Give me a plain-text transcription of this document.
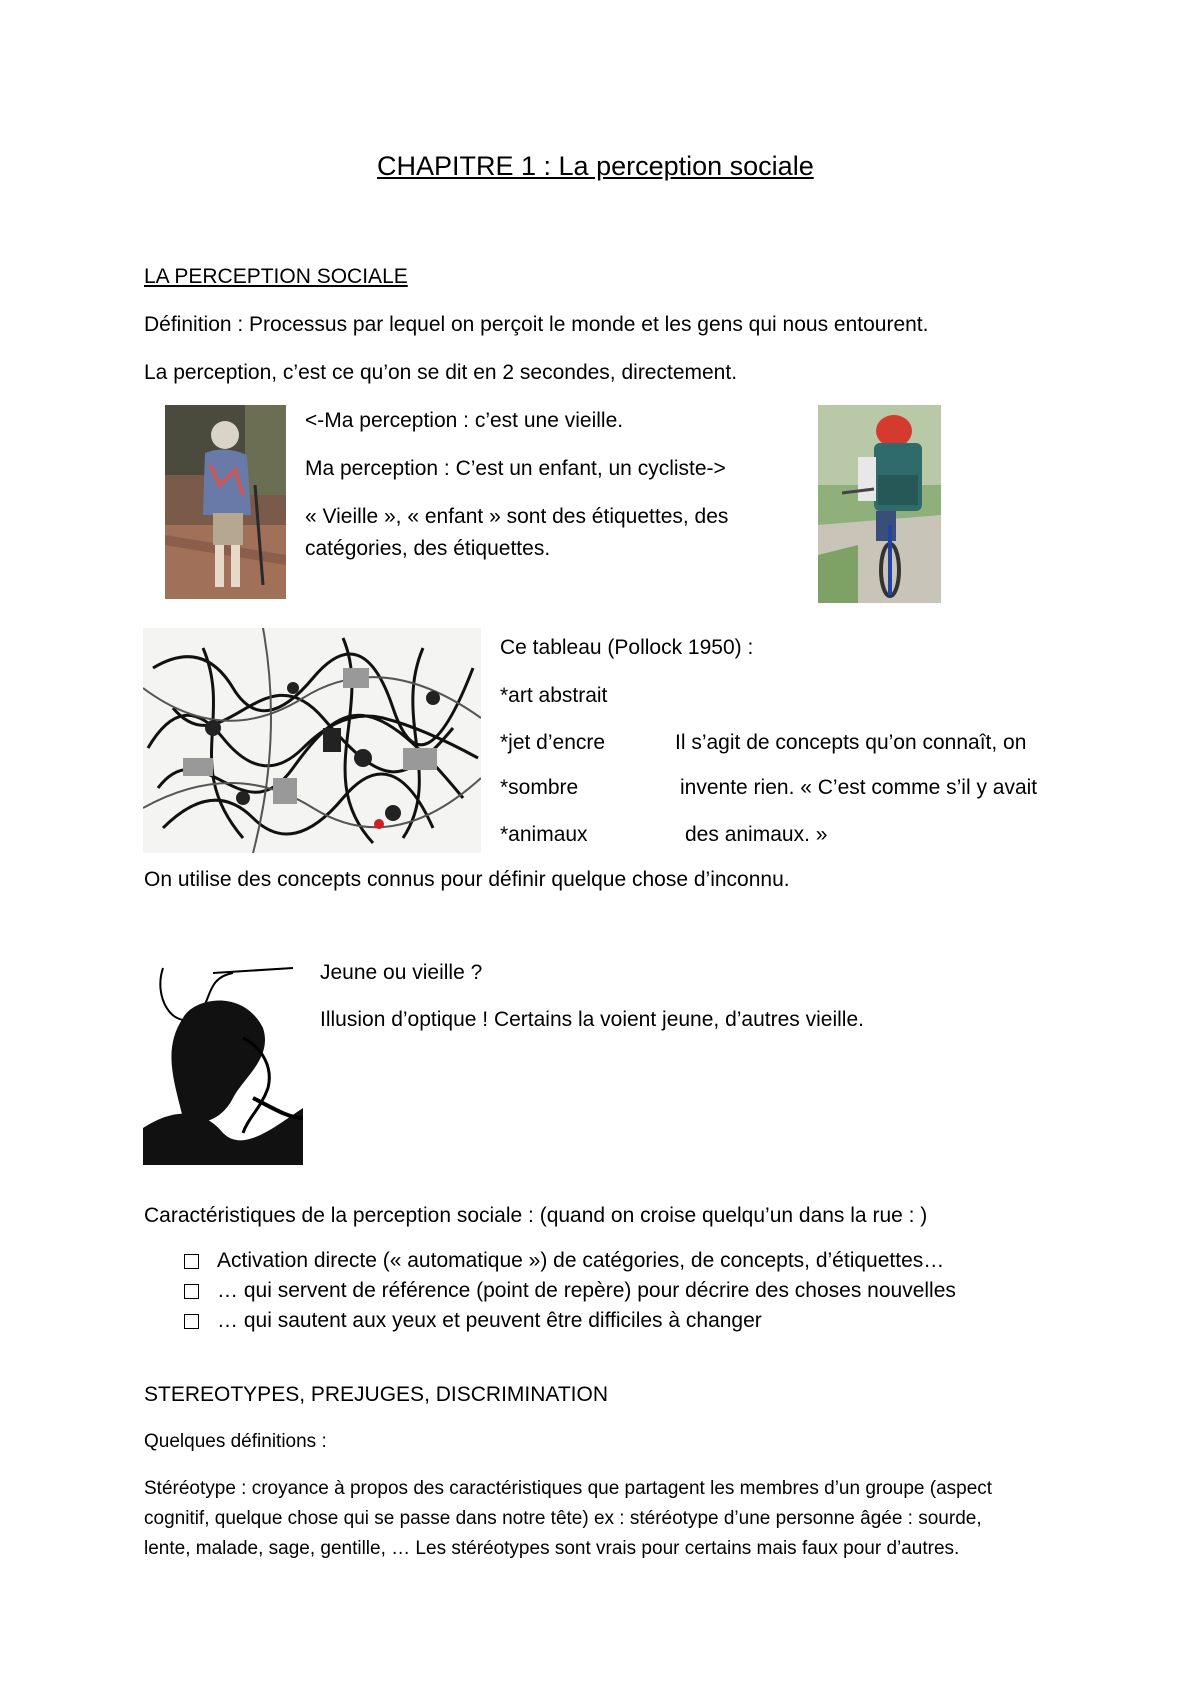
CHAPITRE 1 : La perception sociale

LA PERCEPTION SOCIALE

Définition : Processus par lequel on perçoit le monde et les gens qui nous entourent.

La perception, c’est ce qu’on se dit en 2 secondes, directement.

<-Ma perception : c’est une vieille.

Ma perception : C’est un enfant, un cycliste->

« Vieille », « enfant » sont des étiquettes, des

catégories, des étiquettes.

Ce tableau (Pollock 1950) :

*art abstrait

*jet d’encre

*sombre

*animaux

Il s’agit de concepts qu’on connaît, on

invente rien. « C’est comme s’il y avait

des animaux. »

On utilise des concepts connus pour définir quelque chose d’inconnu.

Jeune ou vieille ?

Illusion d’optique ! Certains la voient jeune, d’autres vieille.

Caractéristiques de la perception sociale : (quand on croise quelqu’un dans la rue : )

Activation directe (« automatique ») de catégories, de concepts, d’étiquettes…

… qui servent de référence (point de repère) pour décrire des choses nouvelles

… qui sautent aux yeux et peuvent être difficiles à changer

STEREOTYPES, PREJUGES, DISCRIMINATION

Quelques définitions :

Stéréotype : croyance à propos des caractéristiques que partagent les membres d’un groupe (aspect

cognitif, quelque chose qui se passe dans notre tête) ex : stéréotype d’une personne âgée : sourde,

lente, malade, sage, gentille, … Les stéréotypes sont vrais pour certains mais faux pour d’autres.
